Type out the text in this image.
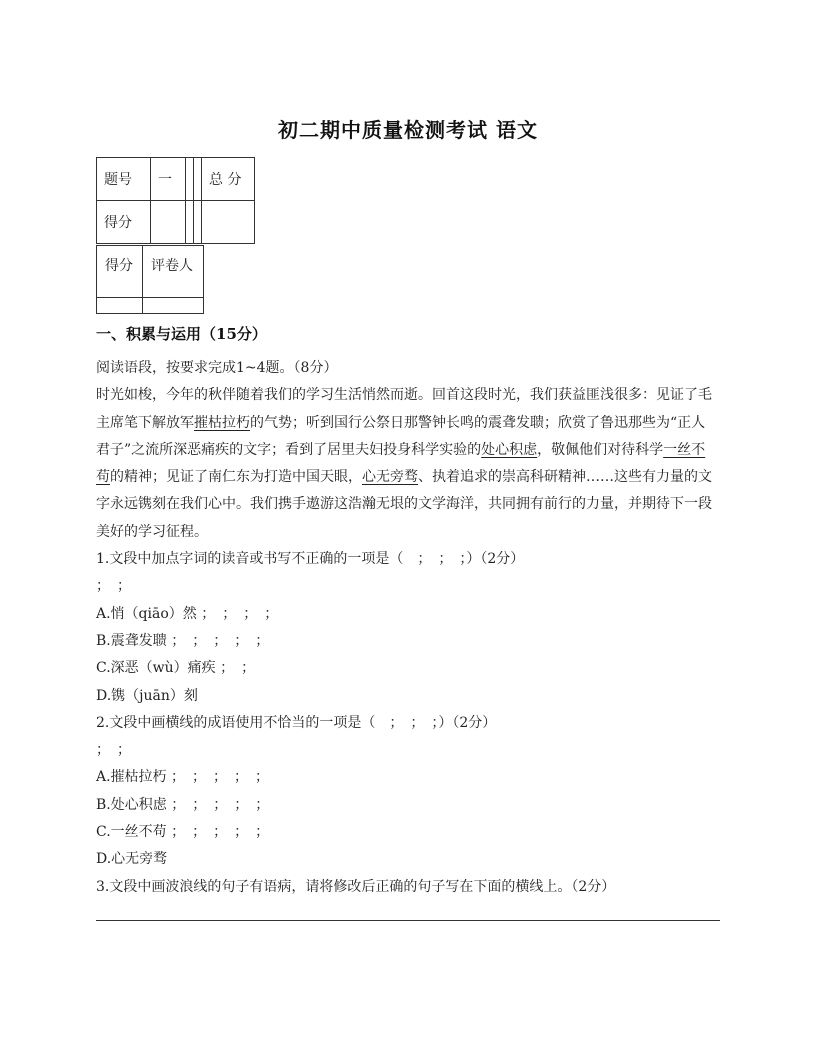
初二期中质量检测考试 语文
题号	一			总 分
得分				
得分	评卷人

一、积累与运用（15分）
阅读语段，按要求完成1~4题。（8分）
时光如梭，今年的秋伴随着我们的学习生活悄然而逝。回首这段时光，我们获益匪浅很多：见证了毛
主席笔下解放军摧枯拉朽的气势；听到国行公祭日那警钟长鸣的震聋发聩；欣赏了鲁迅那些为“正人
君子”之流所深恶痛疾的文字；看到了居里夫妇投身科学实验的处心积虑，敬佩他们对待科学一丝不
苟的精神；见证了南仁东为打造中国天眼，心无旁骛、执着追求的崇高科研精神……这些有力量的文
字永远镌刻在我们心中。我们携手遨游这浩瀚无垠的文学海洋，共同拥有前行的力量，并期待下一段
美好的学习征程。
1.文段中加点字词的读音或书写不正确的一项是（　；　；　；）（2分）
；　；
A.悄（qiāo）然 ；　；　；　；
B.震聋发聩 ；　；　；　；　；
C.深恶（wù）痛疾 ；　；
D.镌（juān）刻
2.文段中画横线的成语使用不恰当的一项是（　；　；　；）（2分）
；　；
A.摧枯拉朽 ；　；　；　；　；
B.处心积虑 ；　；　；　；　；
C.一丝不苟 ；　；　；　；　；
D.心无旁骛
3.文段中画波浪线的句子有语病，请将修改后正确的句子写在下面的横线上。（2分）
